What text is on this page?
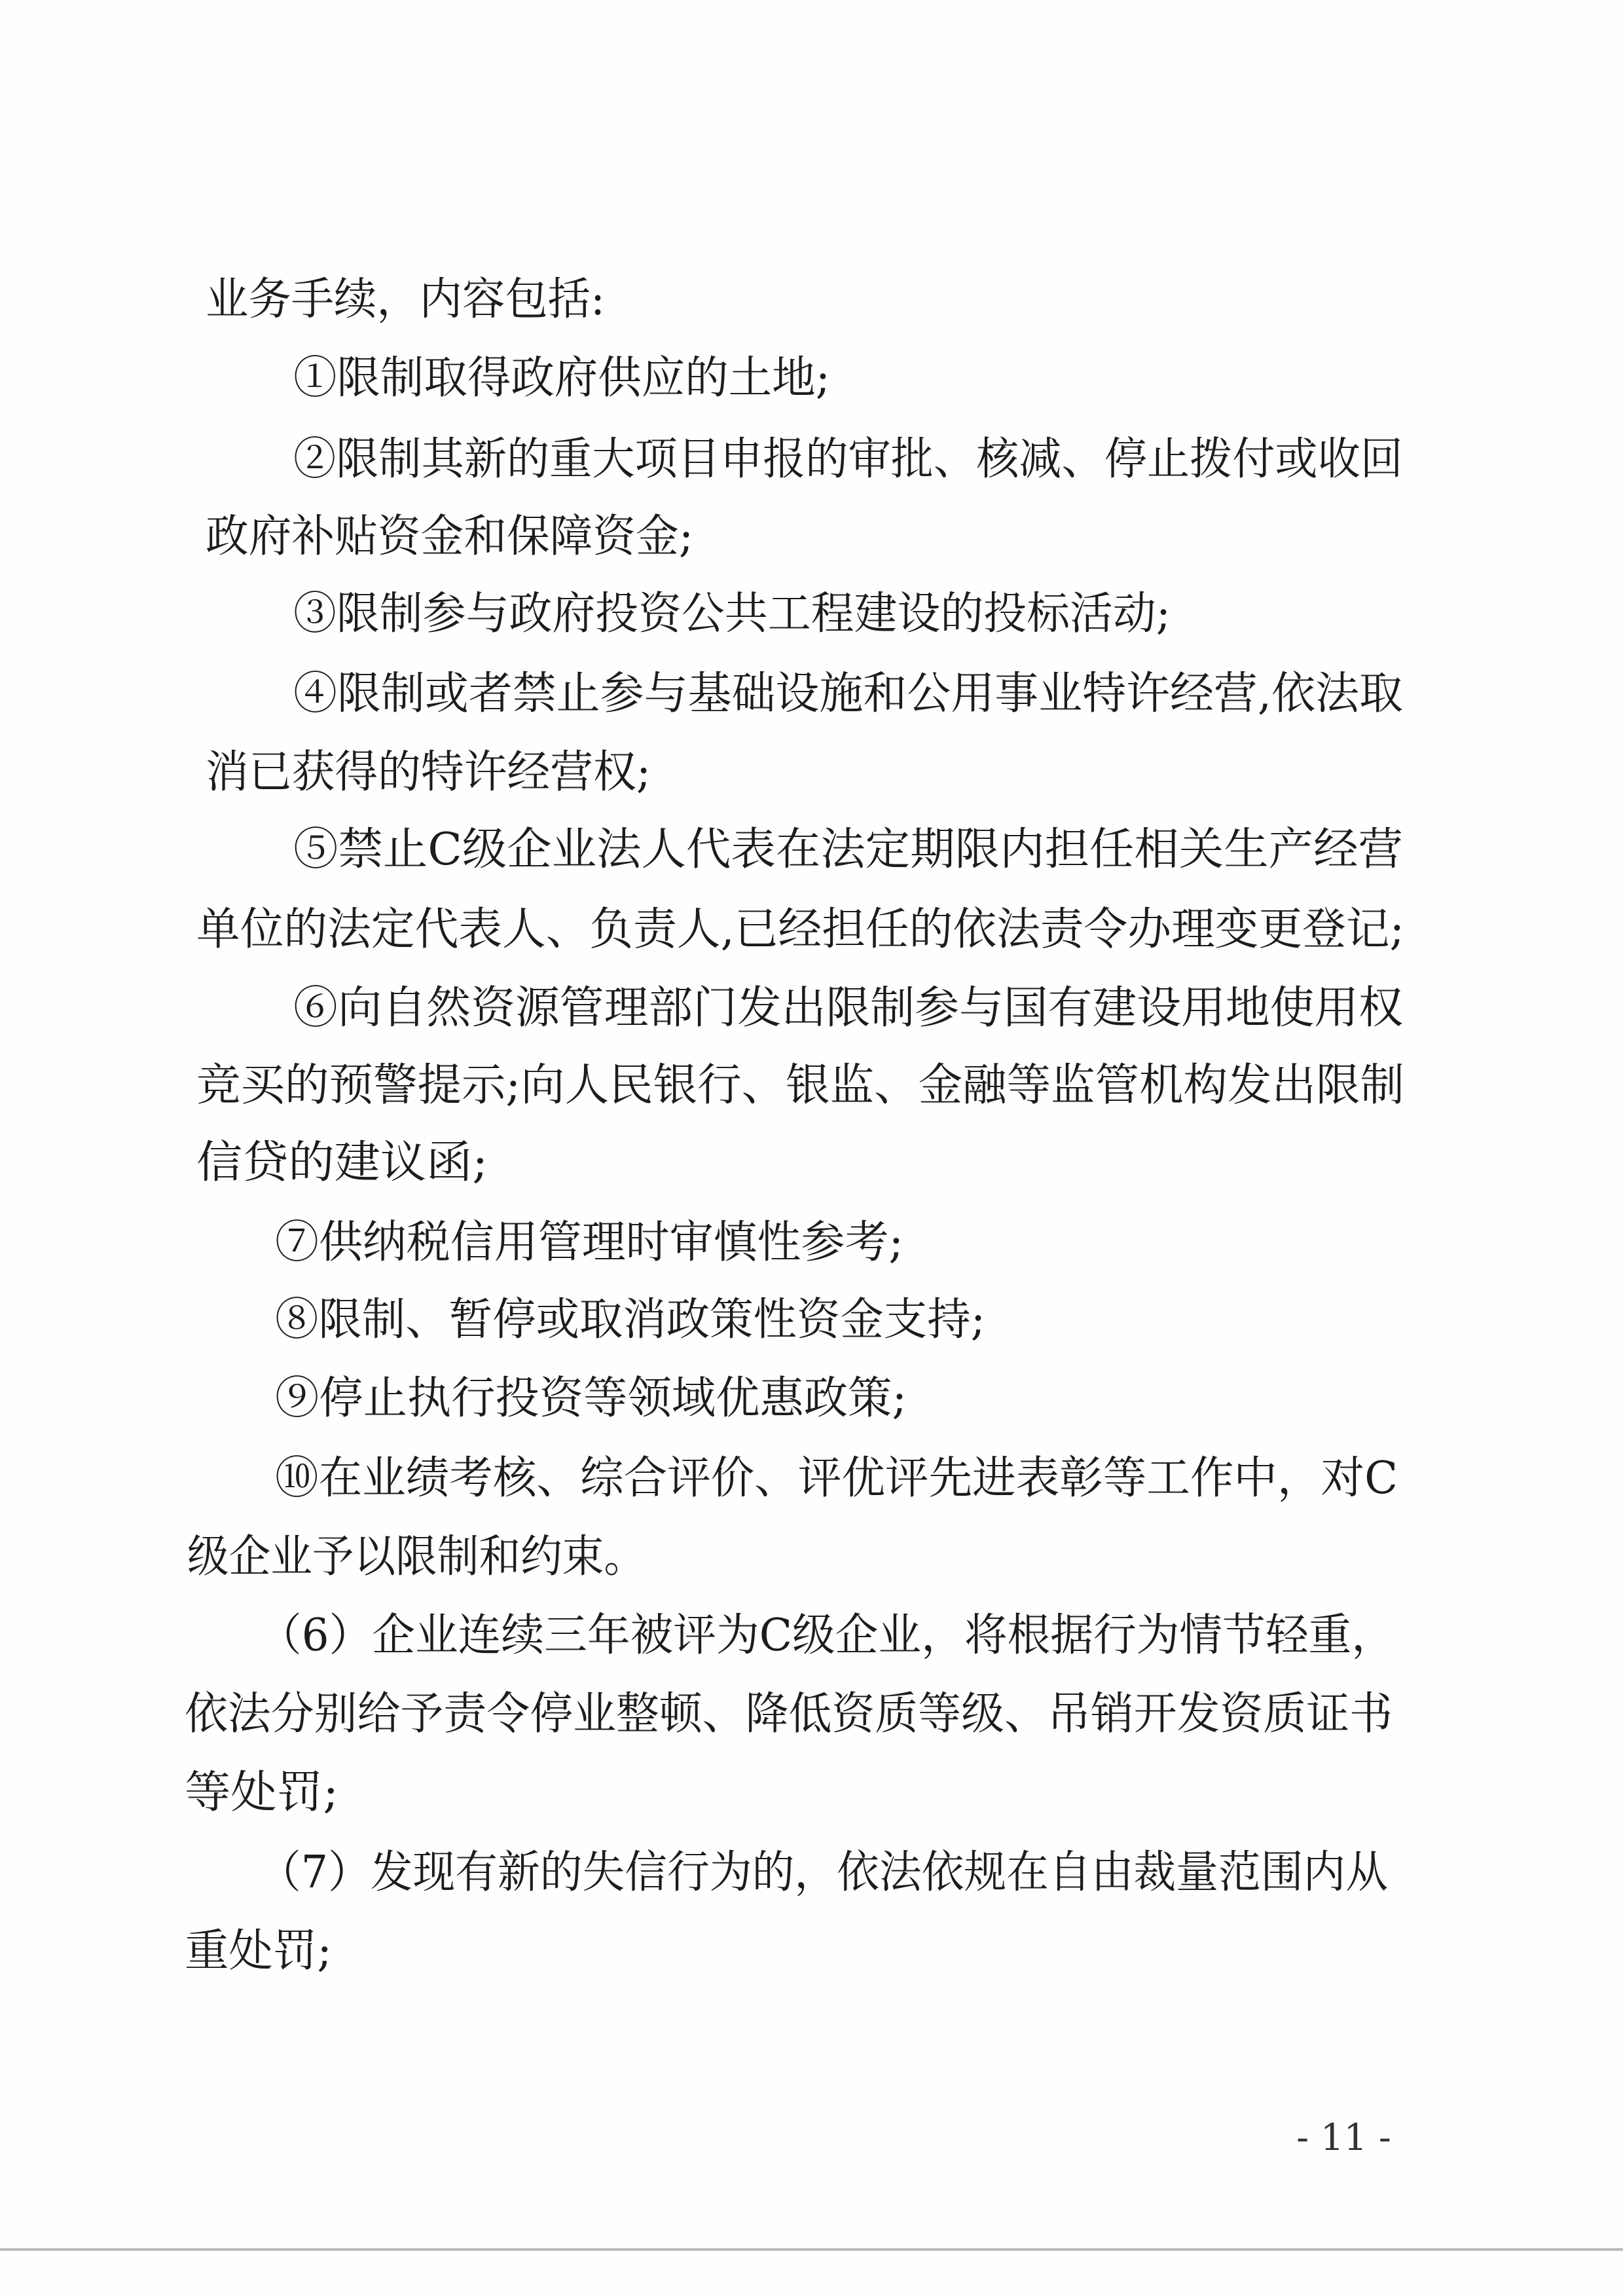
业务手续，内容包括:
①限制取得政府供应的土地;
②限制其新的重大项目申报的审批、核减、停止拨付或收回
政府补贴资金和保障资金;
③限制参与政府投资公共工程建设的投标活动;
④限制或者禁止参与基础设施和公用事业特许经营,依法取
消已获得的特许经营权;
⑤禁止C级企业法人代表在法定期限内担任相关生产经营
单位的法定代表人、负责人,已经担任的依法责令办理变更登记;
⑥向自然资源管理部门发出限制参与国有建设用地使用权
竞买的预警提示;向人民银行、银监、金融等监管机构发出限制
信贷的建议函;
⑦供纳税信用管理时审慎性参考;
⑧限制、暂停或取消政策性资金支持;
⑨停止执行投资等领域优惠政策;
⑩在业绩考核、综合评价、评优评先进表彰等工作中，对C
级企业予以限制和约束。
（6）企业连续三年被评为C级企业，将根据行为情节轻重，
依法分别给予责令停业整顿、降低资质等级、吊销开发资质证书
等处罚;
（7）发现有新的失信行为的，依法依规在自由裁量范围内从
重处罚;
- 11 -
